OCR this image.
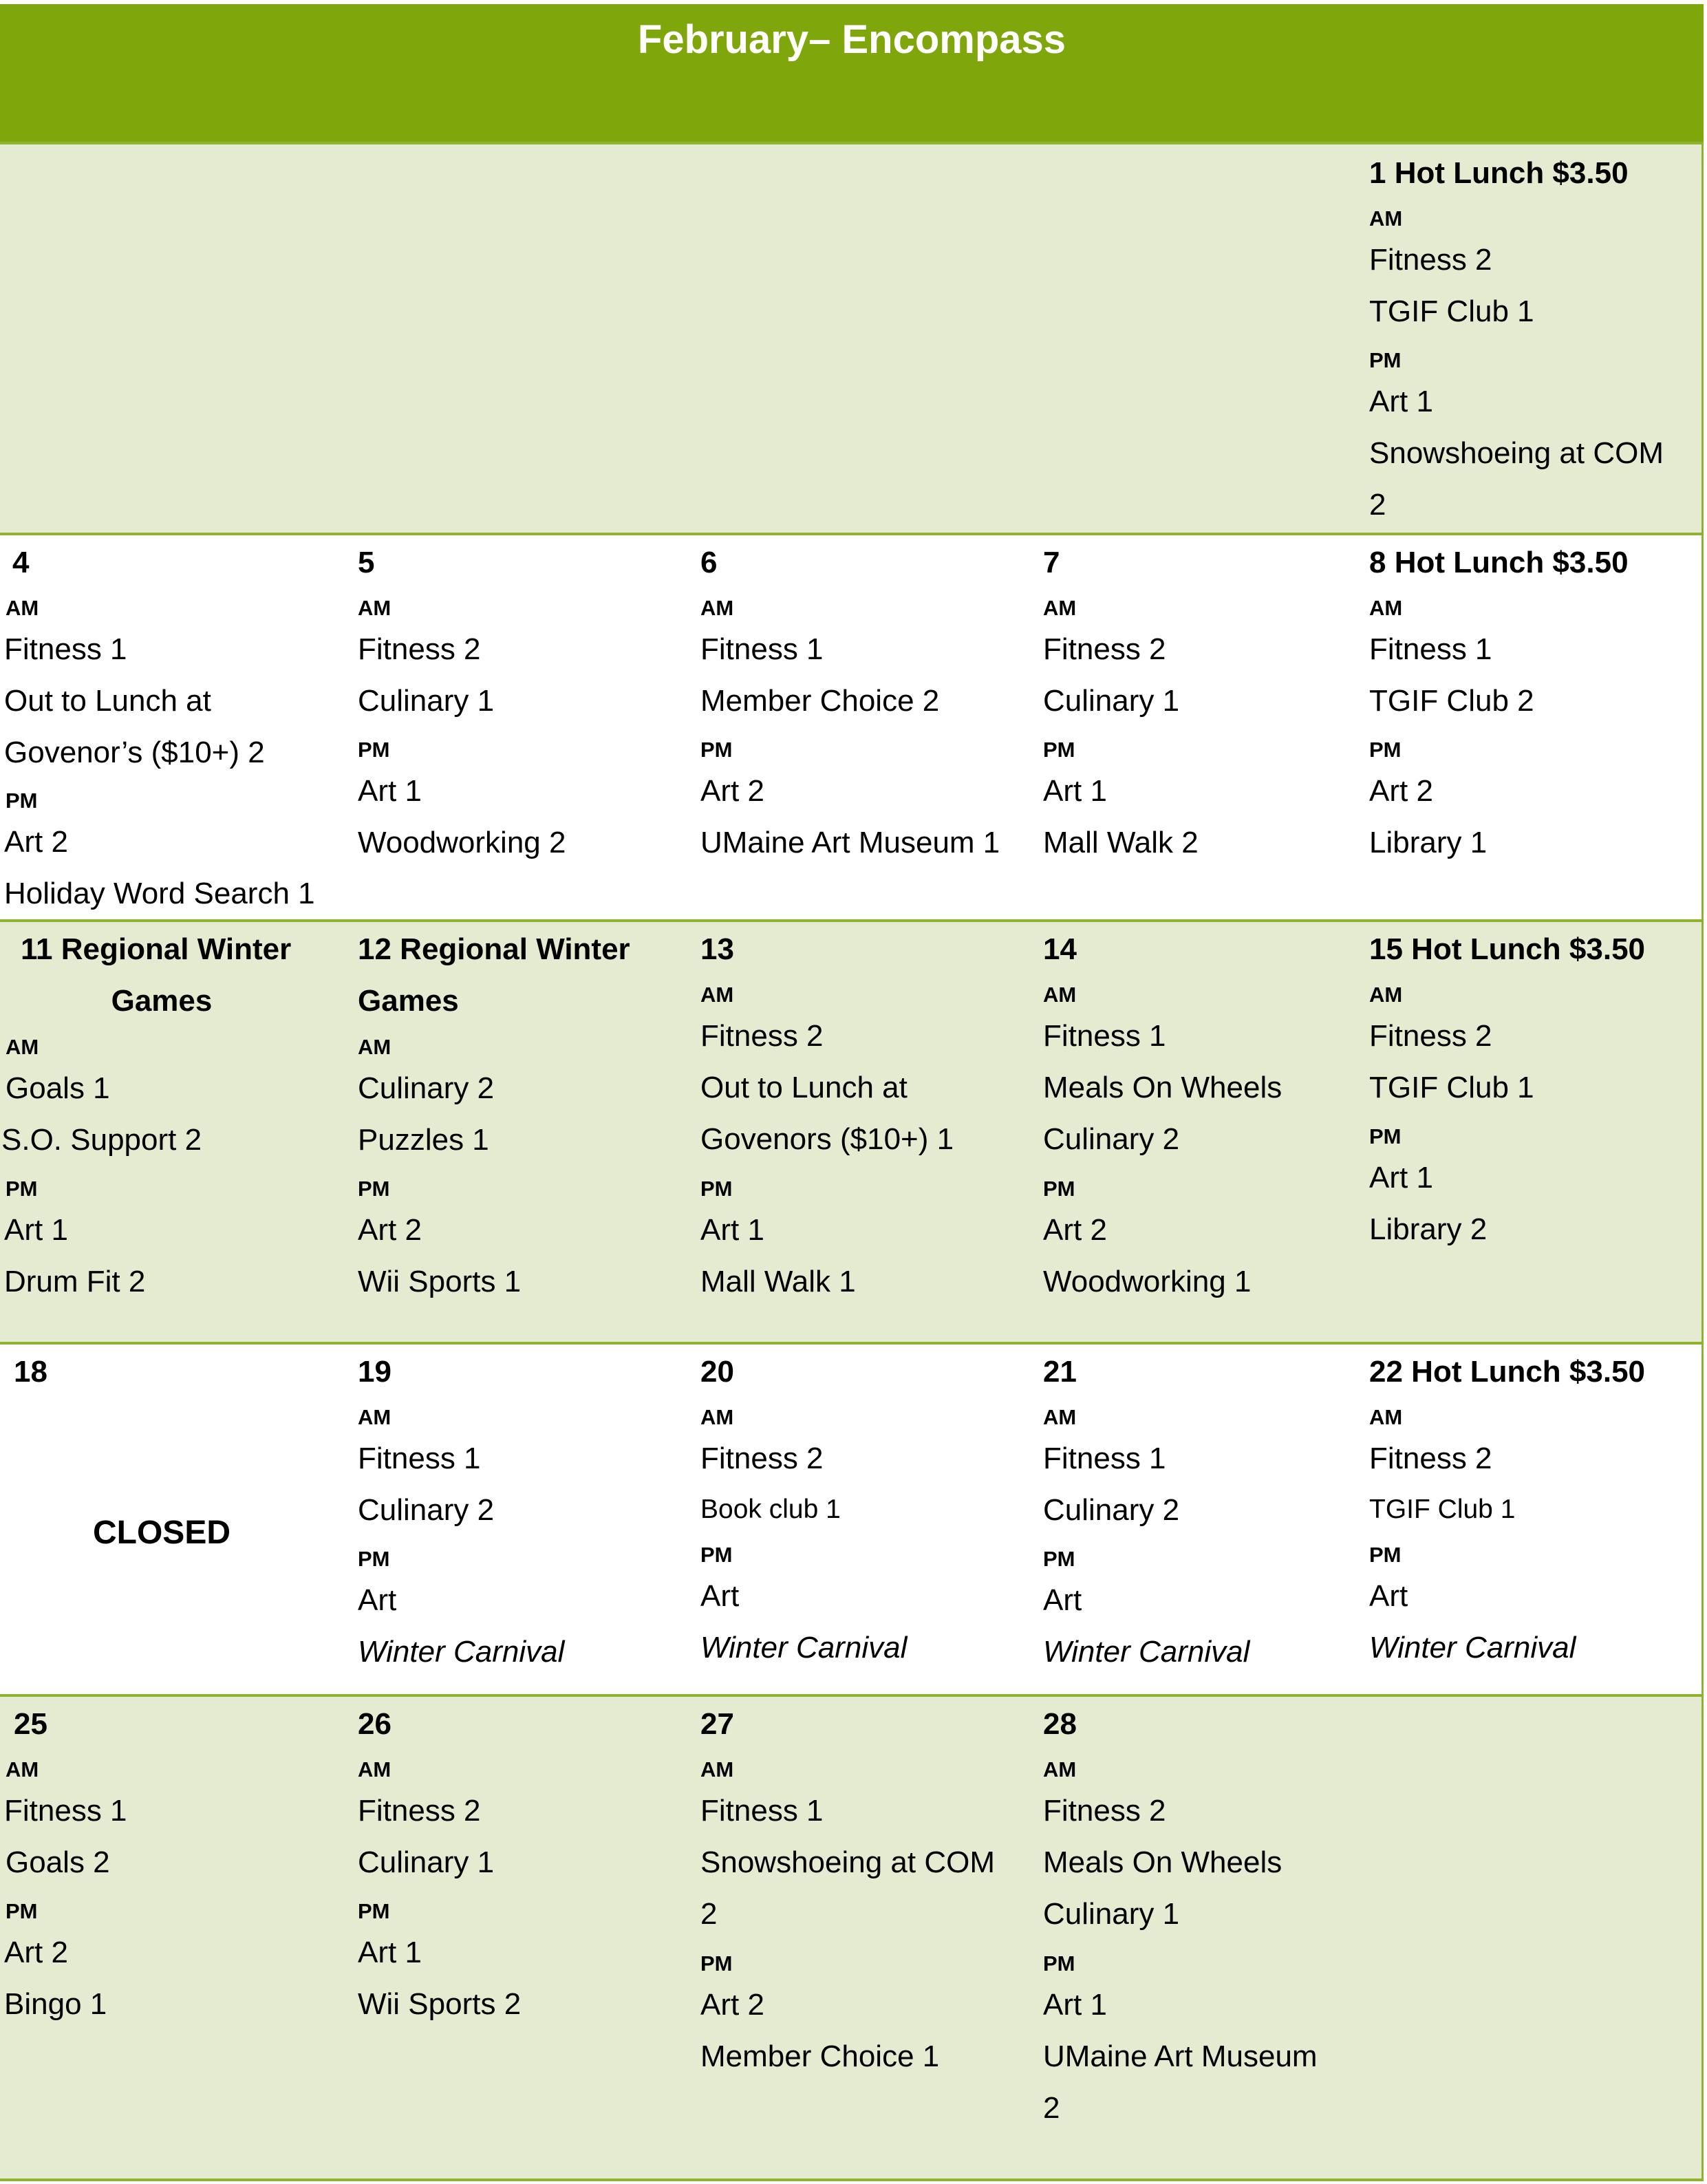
February– Encompass
1 Hot Lunch $3.50
AM
Fitness 2
TGIF Club 1
PM
Art 1
Snowshoeing at COM
2
4
AM
Fitness 1
Out to Lunch at
Govenor’s ($10+) 2
PM
Art 2
Holiday Word Search 1
5
AM
Fitness 2
Culinary 1
PM
Art 1
Woodworking 2
6
AM
Fitness 1
Member Choice 2
PM
Art 2
UMaine Art Museum 1
7
AM
Fitness 2
Culinary 1
PM
Art 1
Mall Walk 2
8 Hot Lunch $3.50
AM
Fitness 1
TGIF Club 2
PM
Art 2
Library 1
11 Regional Winter
Games
AM
Goals 1
S.O. Support 2
PM
Art 1
Drum Fit 2
12 Regional Winter
Games
AM
Culinary 2
Puzzles 1
PM
Art 2
Wii Sports 1
13
AM
Fitness 2
Out to Lunch at
Govenors ($10+) 1
PM
Art 1
Mall Walk 1
14
AM
Fitness 1
Meals On Wheels
Culinary 2
PM
Art 2
Woodworking 1
15 Hot Lunch $3.50
AM
Fitness 2
TGIF Club 1
PM
Art 1
Library 2
18
CLOSED
19
AM
Fitness 1
Culinary 2
PM
Art
Winter Carnival
20
AM
Fitness 2
Book club 1
PM
Art
Winter Carnival
21
AM
Fitness 1
Culinary 2
PM
Art
Winter Carnival
22 Hot Lunch $3.50
AM
Fitness 2
TGIF Club 1
PM
Art
Winter Carnival
25
AM
Fitness 1
Goals 2
PM
Art 2
Bingo 1
26
AM
Fitness 2
Culinary 1
PM
Art 1
Wii Sports 2
27
AM
Fitness 1
Snowshoeing at COM
2
PM
Art 2
Member Choice 1
28
AM
Fitness 2
Meals On Wheels
Culinary 1
PM
Art 1
UMaine Art Museum
2
